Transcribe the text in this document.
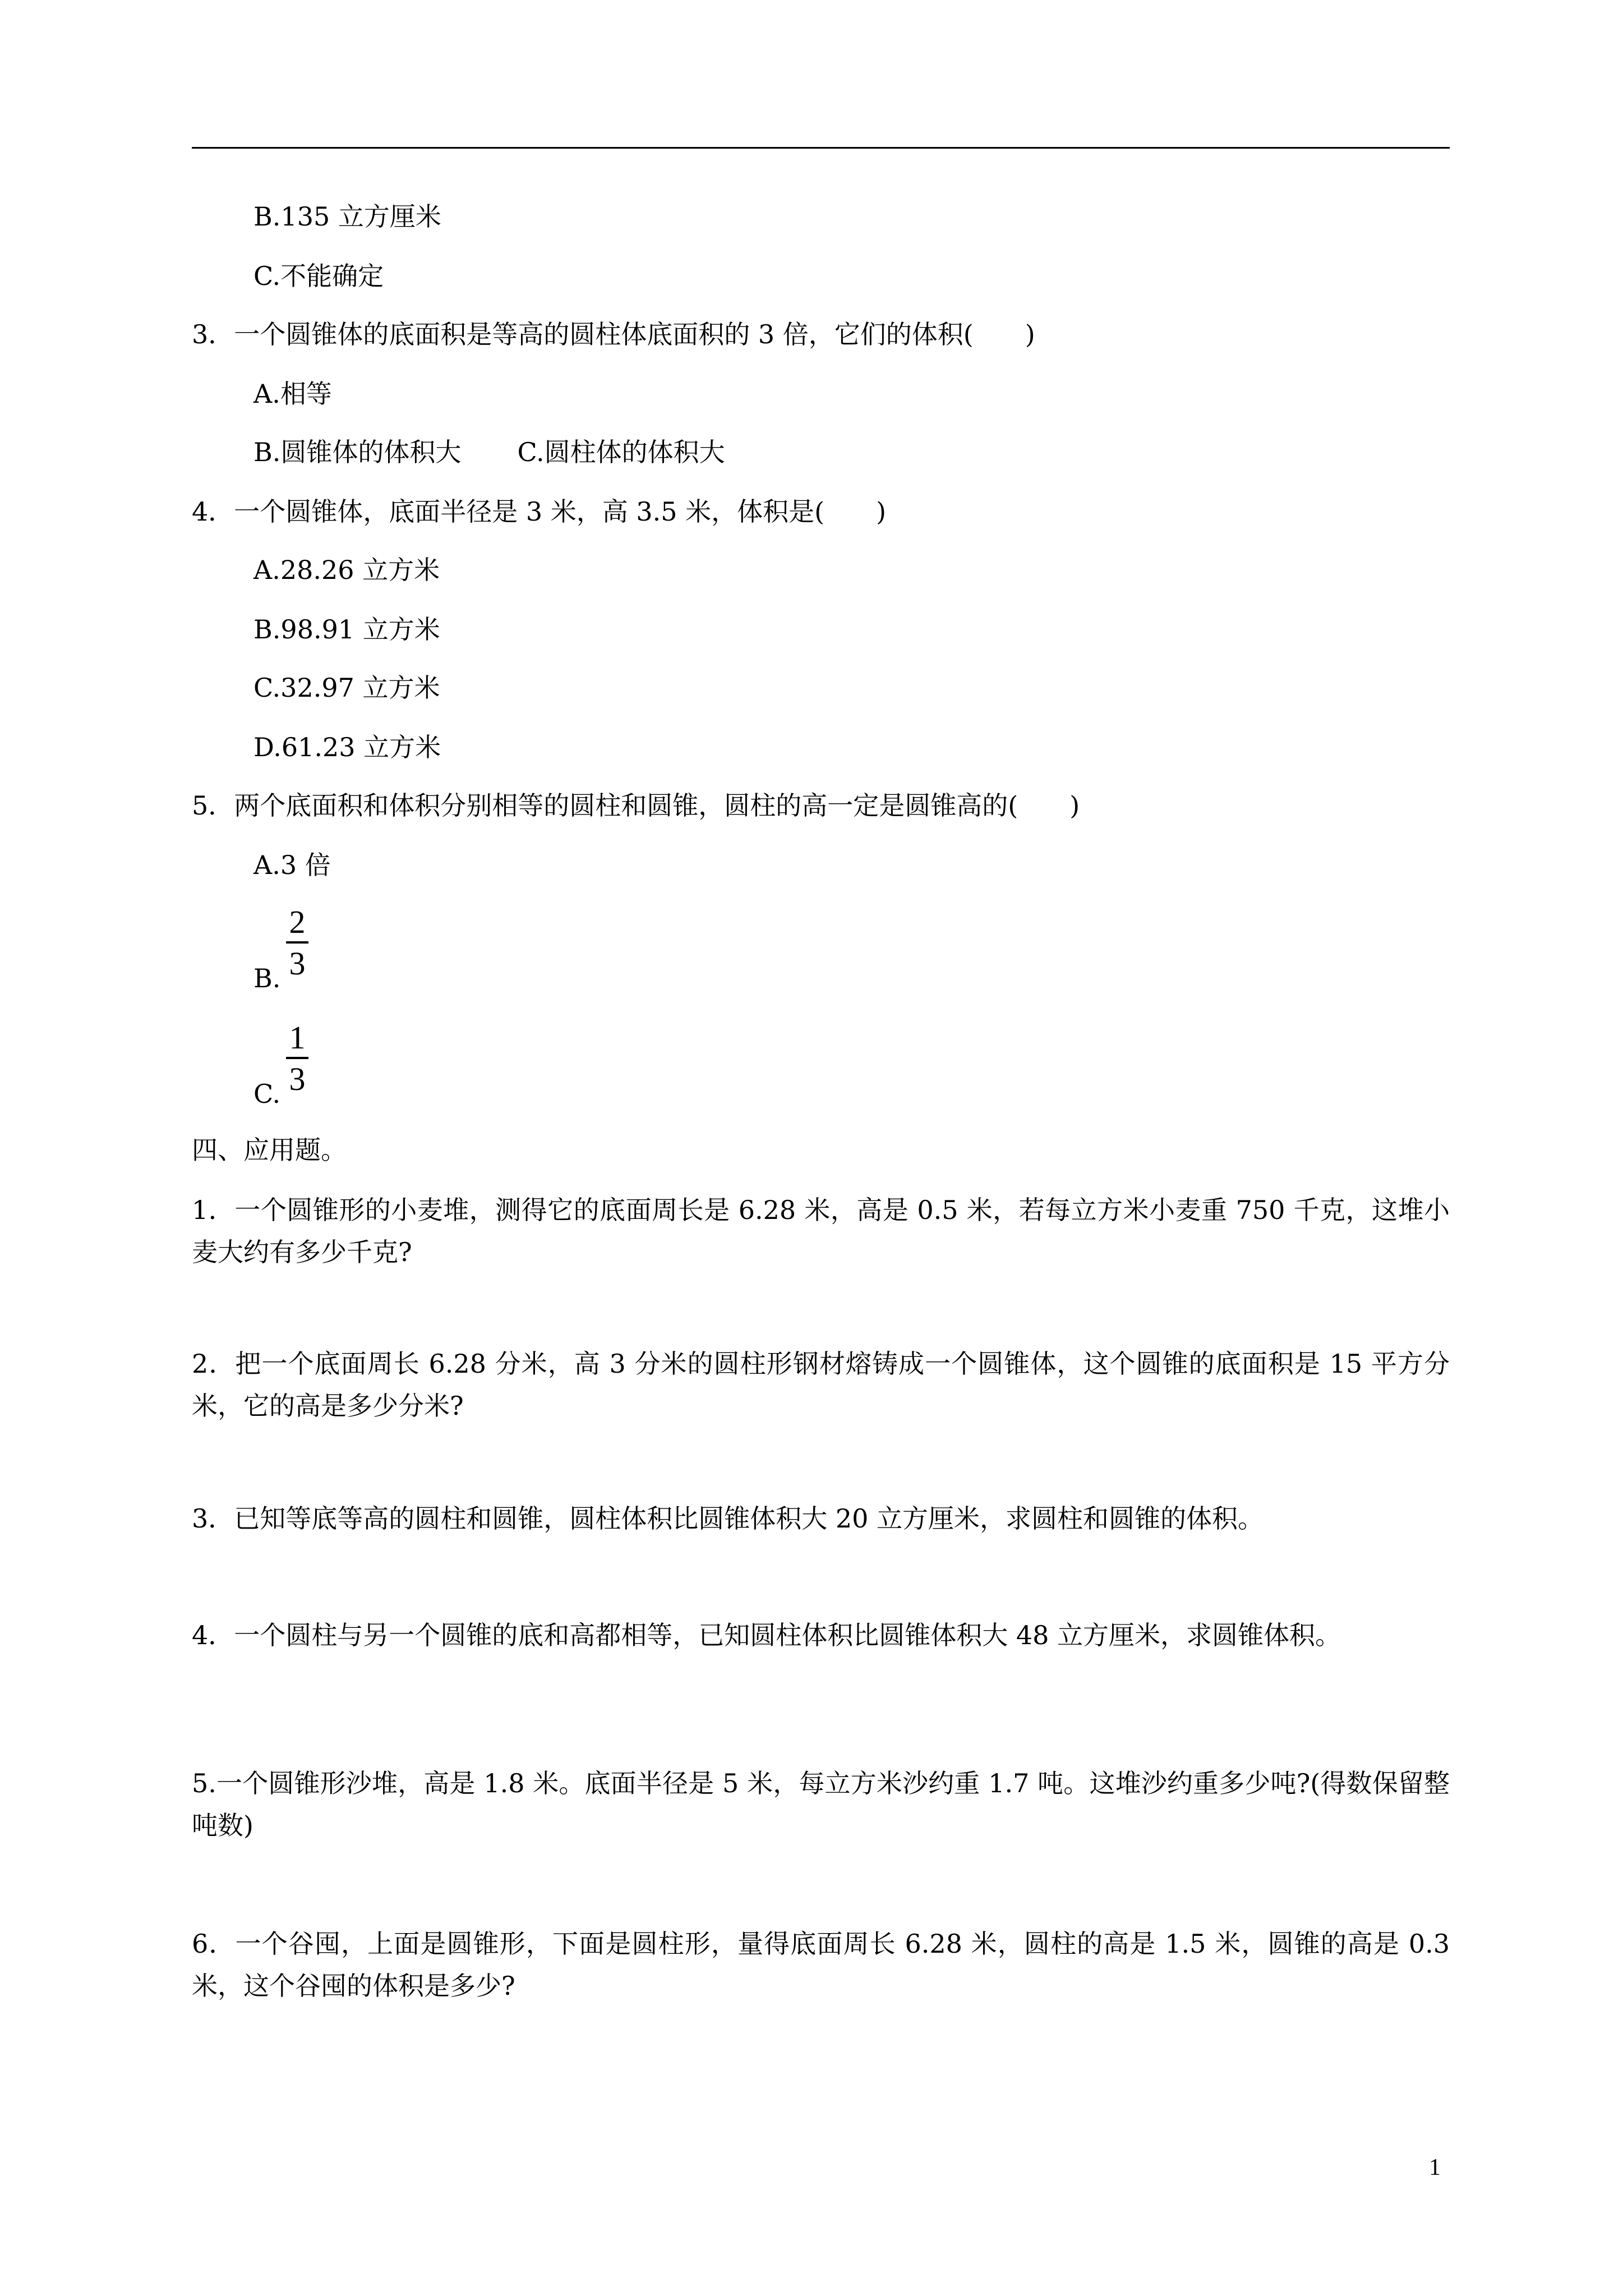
B.135 立方厘米
C.不能确定
3．一个圆锥体的底面积是等高的圆柱体底面积的 3 倍，它们的体积(　　)
A.相等
B.圆锥体的体积大 C.圆柱体的体积大
4．一个圆锥体，底面半径是 3 米，高 3.5 米，体积是(　　)
A.28.26 立方米
B.98.91 立方米
C.32.97 立方米
D.61.23 立方米
5．两个底面积和体积分别相等的圆柱和圆锥，圆柱的高一定是圆锥高的(　　)
A.3 倍
B.
2
3
C.
1
3
四、应用题。
1．一个圆锥形的小麦堆，测得它的底面周长是 6.28 米，高是 0.5 米，若每立方米小麦重 750 千克，这堆小麦大约有多少千克?
2．把一个底面周长 6.28 分米，高 3 分米的圆柱形钢材熔铸成一个圆锥体，这个圆锥的底面积是 15 平方分米，它的高是多少分米?
3．已知等底等高的圆柱和圆锥，圆柱体积比圆锥体积大 20 立方厘米，求圆柱和圆锥的体积。
4．一个圆柱与另一个圆锥的底和高都相等，已知圆柱体积比圆锥体积大 48 立方厘米，求圆锥体积。
5.一个圆锥形沙堆，高是 1.8 米。底面半径是 5 米，每立方米沙约重 1.7 吨。这堆沙约重多少吨?(得数保留整吨数)
6．一个谷囤，上面是圆锥形，下面是圆柱形，量得底面周长 6.28 米，圆柱的高是 1.5 米，圆锥的高是 0.3 米，这个谷囤的体积是多少?
1
